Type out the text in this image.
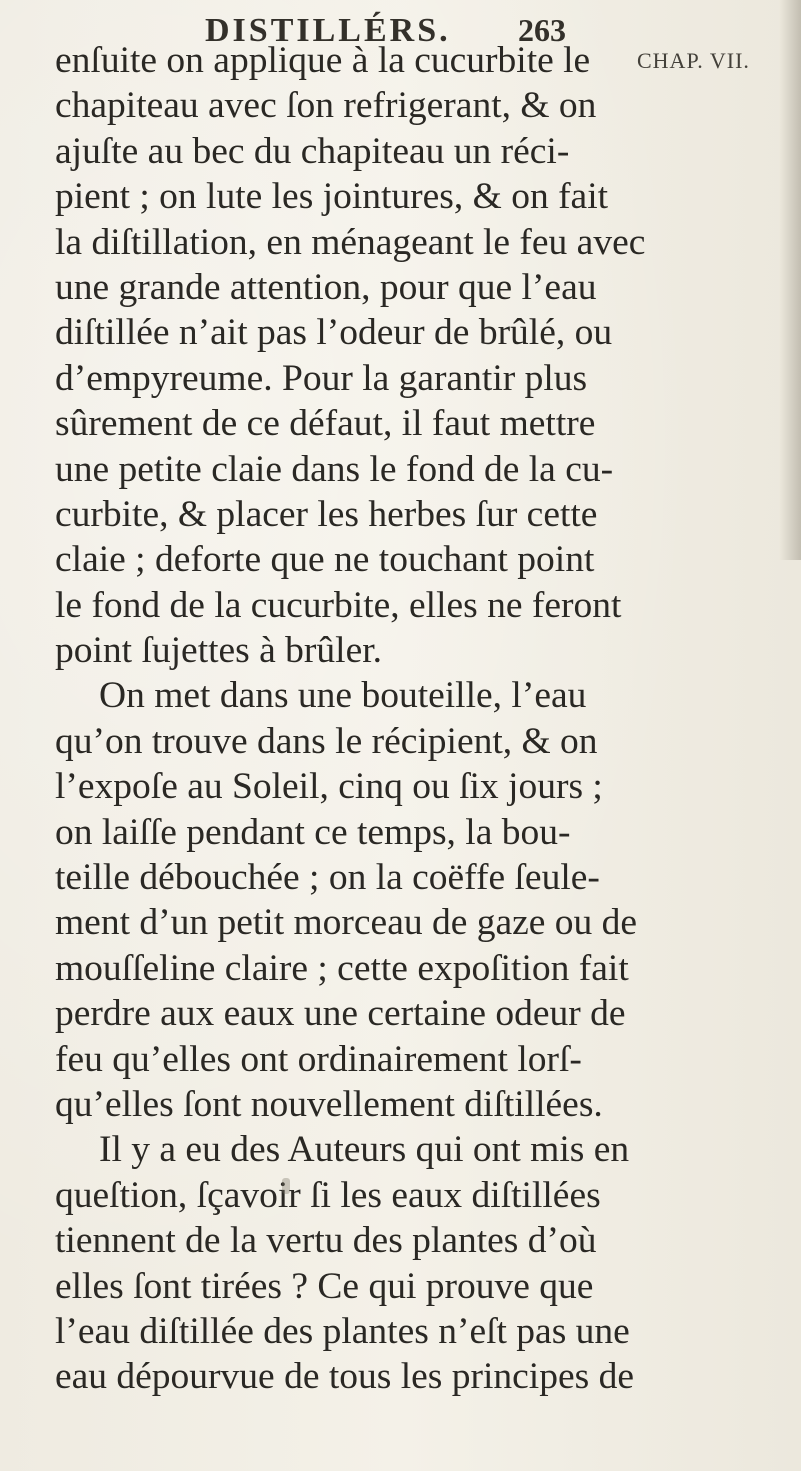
DISTILLÉRS. 263
CHAP. VII.
enſuite on applique à la cucurbite le
chapiteau avec ſon refrigerant, & on
ajuſte au bec du chapiteau un réci-
pient ; on lute les jointures, & on fait
la diſtillation, en ménageant le feu avec
une grande attention, pour que l’eau
diſtillée n’ait pas l’odeur de brûlé, ou
d’empyreume. Pour la garantir plus
sûrement de ce défaut, il faut mettre
une petite claie dans le fond de la cu-
curbite, & placer les herbes ſur cette
claie ; deforte que ne touchant point
le fond de la cucurbite, elles ne feront
point ſujettes à brûler.
On met dans une bouteille, l’eau
qu’on trouve dans le récipient, & on
l’expoſe au Soleil, cinq ou ſix jours ;
on laiſſe pendant ce temps, la bou-
teille débouchée ; on la coëffe ſeule-
ment d’un petit morceau de gaze ou de
mouſſeline claire ; cette expoſition fait
perdre aux eaux une certaine odeur de
feu qu’elles ont ordinairement lorſ-
qu’elles ſont nouvellement diſtillées.
Il y a eu des Auteurs qui ont mis en
queſtion, ſçavoir ſi les eaux diſtillées
tiennent de la vertu des plantes d’où
elles ſont tirées ? Ce qui prouve que
l’eau diſtillée des plantes n’eſt pas une
eau dépourvue de tous les principes de
